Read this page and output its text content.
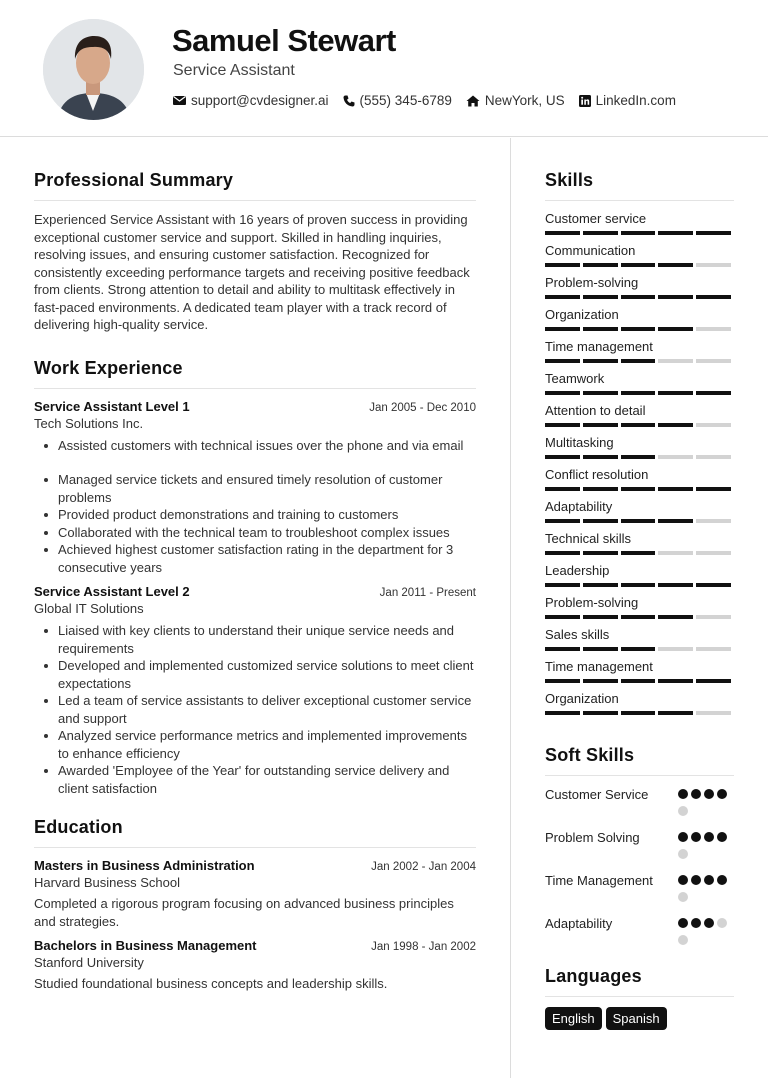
Samuel Stewart
Service Assistant
support@cvdesigner.ai (555) 345-6789 NewYork, US LinkedIn.com
Professional Summary

Experienced Service Assistant with 16 years of proven success in providing exceptional customer service and support. Skilled in handling inquiries, resolving issues, and ensuring customer satisfaction. Recognized for consistently exceeding performance targets and receiving positive feedback from clients. Strong attention to detail and ability to multitask effectively in fast-paced environments. A dedicated team player with a track record of delivering high-quality service.

Work Experience
Service Assistant Level 1	Jan 2005 - Dec 2010
Tech Solutions Inc.
Assisted customers with technical issues over the phone and via email
Managed service tickets and ensured timely resolution of customer problems
Provided product demonstrations and training to customers
Collaborated with the technical team to troubleshoot complex issues
Achieved highest customer satisfaction rating in the department for 3 consecutive years
Service Assistant Level 2	Jan 2011 - Present
Global IT Solutions
Liaised with key clients to understand their unique service needs and requirements
Developed and implemented customized service solutions to meet client expectations
Led a team of service assistants to deliver exceptional customer service and support
Analyzed service performance metrics and implemented improvements to enhance efficiency
Awarded 'Employee of the Year' for outstanding service delivery and client satisfaction
Education
Masters in Business Administration	Jan 2002 - Jan 2004
Harvard Business School
Completed a rigorous program focusing on advanced business principles and strategies.
Bachelors in Business Management	Jan 1998 - Jan 2002
Stanford University
Studied foundational business concepts and leadership skills.
Skills
Customer service
Communication
Problem-solving
Organization
Time management
Teamwork
Attention to detail
Multitasking
Conflict resolution
Adaptability
Technical skills
Leadership
Problem-solving
Sales skills
Time management
Organization
Soft Skills
Customer Service
Problem Solving
Time Management
Adaptability
Languages
English	Spanish
